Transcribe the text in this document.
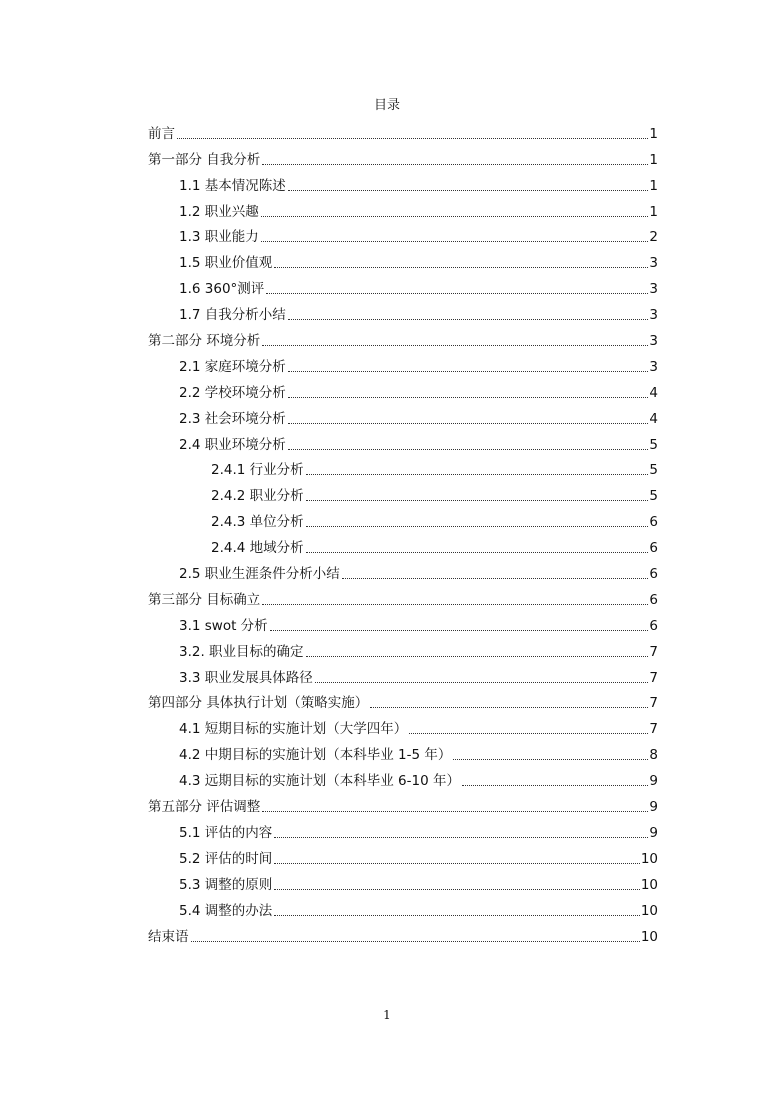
目录
前言	1
第一部分 自我分析	1
1.1 基本情况陈述	1
1.2 职业兴趣	1
1.3 职业能力	2
1.5 职业价值观	3
1.6 360°测评	3
1.7 自我分析小结	3
第二部分 环境分析	3
2.1 家庭环境分析	3
2.2 学校环境分析	4
2.3 社会环境分析	4
2.4 职业环境分析	5
2.4.1 行业分析	5
2.4.2 职业分析	5
2.4.3 单位分析	6
2.4.4 地域分析	6
2.5 职业生涯条件分析小结	6
第三部分 目标确立	6
3.1 swot 分析	6
3.2. 职业目标的确定	7
3.3 职业发展具体路径	7
第四部分 具体执行计划（策略实施）	7
4.1 短期目标的实施计划（大学四年）	7
4.2 中期目标的实施计划（本科毕业 1-5 年）	8
4.3 远期目标的实施计划（本科毕业 6-10 年）	9
第五部分 评估调整	9
5.1 评估的内容	9
5.2 评估的时间	10
5.3 调整的原则	10
5.4 调整的办法	10
结束语	10
1
